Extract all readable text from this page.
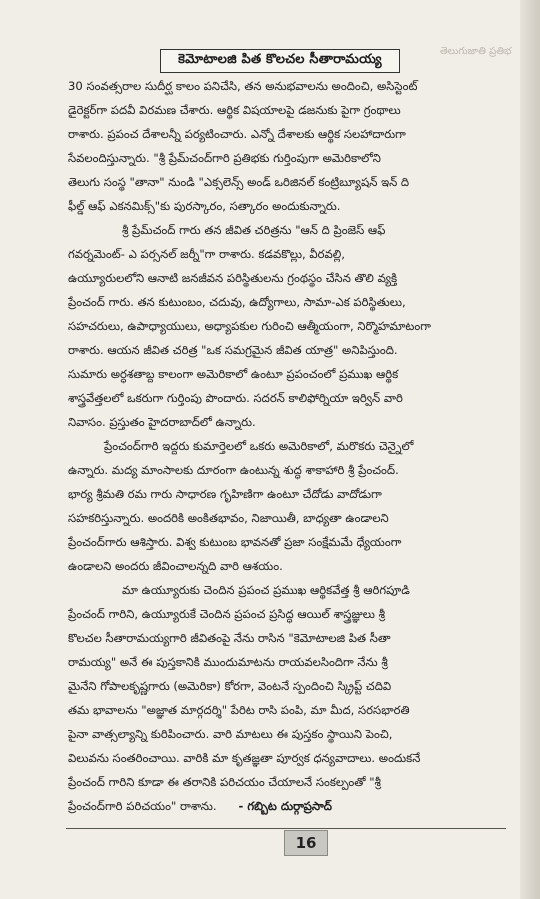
తెలుగుజాతి ప్రతిభ
కెమోటాలజి పిత కొలచల సీతారామయ్య
30 సంవత్సరాల సుదీర్ఘ కాలం పనిచేసి, తన అనుభవాలను అందించి, అసిస్టెంట్
డైరెక్టర్‌గా పదవీ విరమణ చేశారు. ఆర్థిక విషయాలపై డజనుకు పైగా గ్రంథాలు
రాశారు. ప్రపంచ దేశాలన్నీ పర్యటించారు. ఎన్నో దేశాలకు ఆర్థిక సలహాదారుగా
సేవలందిస్తున్నారు. "శ్రీ ప్రేమ్‌చంద్‌గారి ప్రతిభకు గుర్తింపుగా అమెరికాలోని
తెలుగు సంస్థ "తానా" నుండి "ఎక్సలెన్స్ అండ్ ఒరిజినల్ కంట్రిబ్యూషన్ ఇన్ ది
ఫీల్డ్ ఆఫ్ ఎకనమిక్స్"కు పురస్కారం, సత్కారం అందుకున్నారు.
శ్రీ ప్రేమ్‌చంద్ గారు తన జీవిత చరిత్రను "ఆన్ ది ప్రింజెస్ ఆఫ్
గవర్నమెంట్- ఎ పర్సనల్ జర్నీ"గా రాశారు. కడవకొల్లు, వీరవల్లి,
ఉయ్యూరులలోని ఆనాటి జనజీవన పరిస్థితులను గ్రంథస్థం చేసిన తొలి వ్యక్తి
ప్రేంచంద్ గారు. తన కుటుంబం, చదువు, ఉద్యోగాలు, సామా-ఎక పరిస్థితులు,
సహచరులు, ఉపాధ్యాయులు, అధ్యాపకుల గురించి ఆత్మీయంగా, నిర్మొహమాటంగా
రాశారు. ఆయన జీవిత చరిత్ర "ఒక సమగ్రమైన జీవిత యాత్ర" అనిపిస్తుంది.
సుమారు అర్ధశతాబ్ద కాలంగా అమెరికాలో ఉంటూ ప్రపంచంలో ప్రముఖ ఆర్థిక
శాస్త్రవేత్తలలో ఒకరుగా గుర్తింపు పొందారు. సదరన్ కాలిఫోర్నియా ఇర్విన్ వారి
నివాసం. ప్రస్తుతం హైదరాబాద్‌లో ఉన్నారు.
ప్రేంచంద్‌గారి ఇద్దరు కుమార్తెలలో ఒకరు అమెరికాలో, మరొకరు చెన్నైలో
ఉన్నారు. మద్య మాంసాలకు దూరంగా ఉంటున్న శుద్ధ శాకాహారి శ్రీ ప్రేంచంద్.
భార్య శ్రీమతి రమ గారు సాధారణ గృహిణిగా ఉంటూ చేదోడు వాదోడుగా
సహకరిస్తున్నారు. అందరికి అంకితభావం, నిజాయితీ, బాధ్యతా ఉండాలని
ప్రేంచంద్‌గారు ఆశిస్తారు. విశ్వ కుటుంబ భావనతో ప్రజా సంక్షేమమే ధ్యేయంగా
ఉండాలని అందరు జీవించాలన్నది వారి ఆశయం.
మా ఉయ్యూరుకు చెందిన ప్రపంచ ప్రముఖ ఆర్థికవేత్త శ్రీ ఆరిగపూడి
ప్రేంచంద్ గారిని, ఉయ్యూరుకే చెందిన ప్రపంచ ప్రసిద్ధ ఆయిల్ శాస్త్రజ్ఞులు శ్రీ
కొలచల సీతారామయ్యగారి జీవితంపై నేను రాసిన "కెమోటాలజి పిత సీతా
రామయ్య" అనే ఈ పుస్తకానికి ముందుమాటను రాయవలసిందిగా నేను శ్రీ
మైనేని గోపాలకృష్ణగారు (అమెరికా) కోరగా, వెంటనే స్పందించి స్క్రిప్ట్ చదివి
తమ భావాలను "అజ్ఞాత మార్గదర్శి" పేరిట రాసి పంపి, మా మీద, సరసభారతి
పైనా వాత్సల్యాన్ని కురిపించారు. వారి మాటలు ఈ పుస్తకం స్థాయిని పెంచి,
విలువను సంతరించాయి. వారికి మా కృతజ్ఞతా పూర్వక ధన్యవాదాలు. అందుకనే
ప్రేంచంద్ గారిని కూడా ఈ తరానికి పరిచయం చేయాలనే సంకల్పంతో "శ్రీ
ప్రేంచంద్‌గారి పరిచయం" రాశాను. - గబ్బిట దుర్గాప్రసాద్
16
